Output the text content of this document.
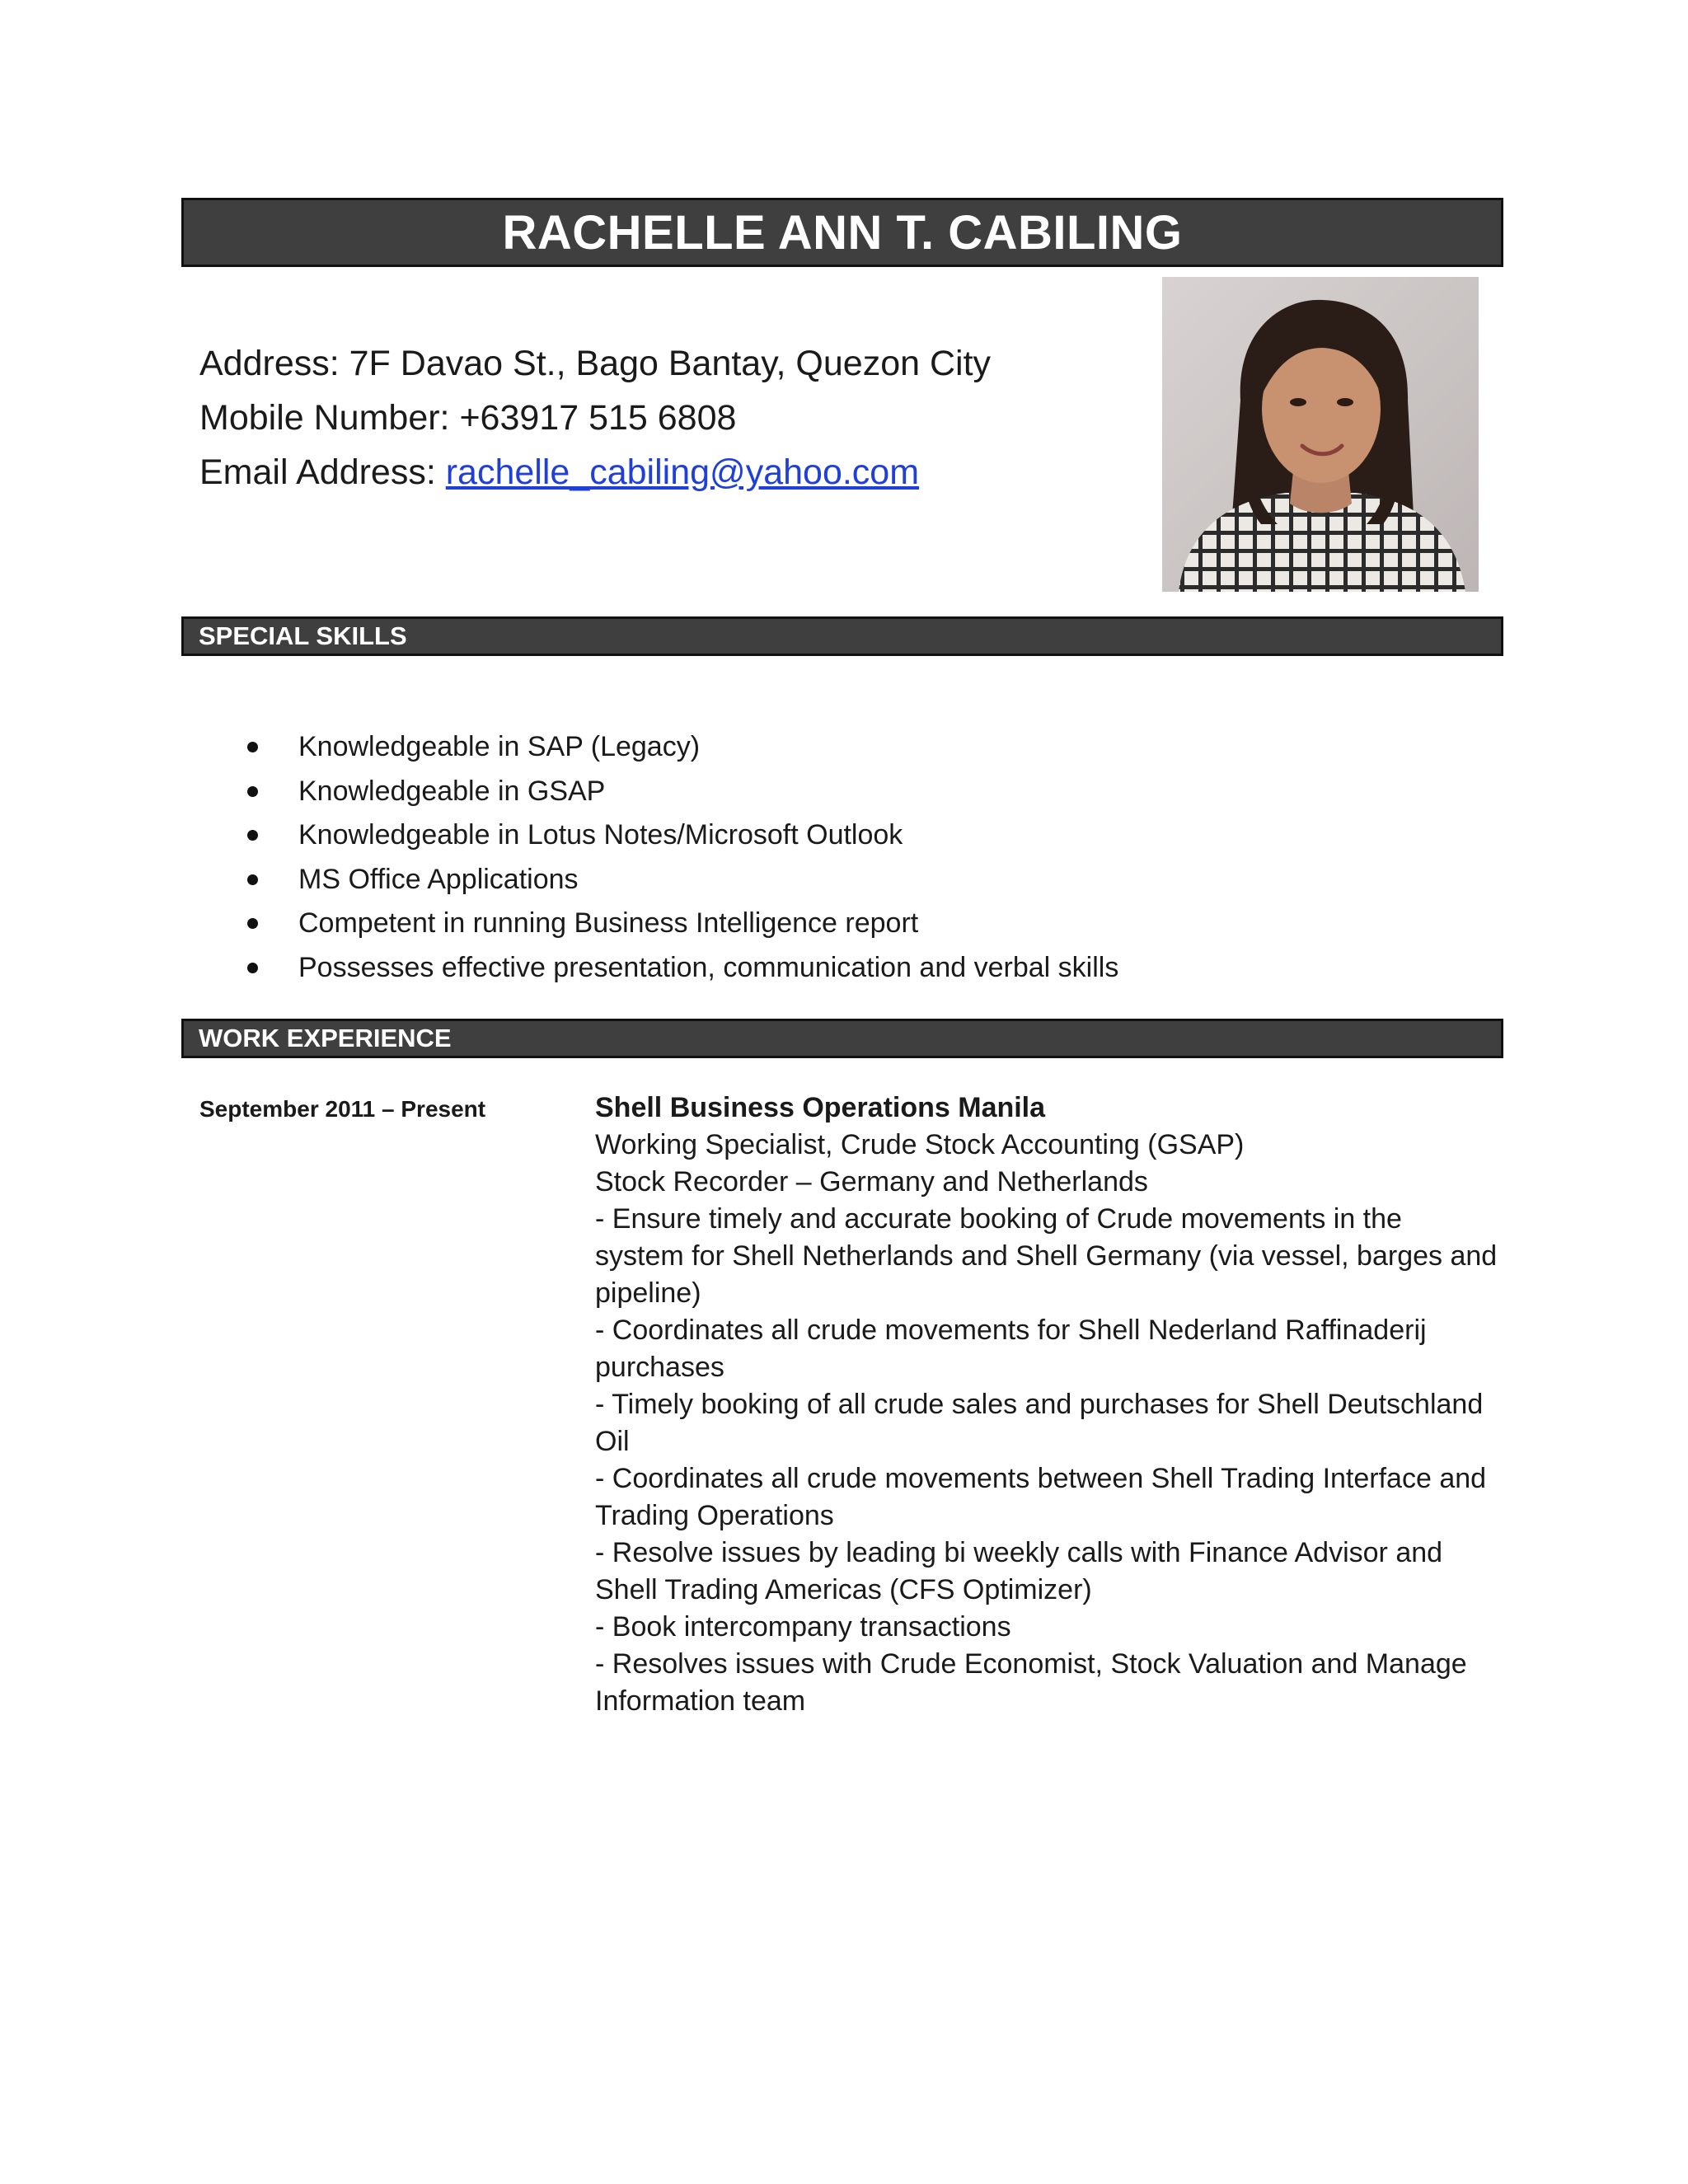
RACHELLE ANN T. CABILING
Address: 7F Davao St., Bago Bantay, Quezon City
Mobile Number: +63917 515 6808
Email Address: rachelle_cabiling@yahoo.com
SPECIAL SKILLS
Knowledgeable in SAP (Legacy)
Knowledgeable in GSAP
Knowledgeable in Lotus Notes/Microsoft Outlook
MS Office Applications
Competent in running Business Intelligence report
Possesses effective presentation, communication and verbal skills
WORK EXPERIENCE
September 2011 – Present	Shell Business Operations Manila
Working Specialist, Crude Stock Accounting (GSAP)
Stock Recorder – Germany and Netherlands
- Ensure timely and accurate booking of Crude movements in the
system for Shell Netherlands and Shell Germany (via vessel, barges and
pipeline)
- Coordinates all crude movements for Shell Nederland Raffinaderij
purchases
- Timely booking of all crude sales and purchases for Shell Deutschland
Oil
- Coordinates all crude movements between Shell Trading Interface and
Trading Operations
- Resolve issues by leading bi weekly calls with Finance Advisor and
Shell Trading Americas (CFS Optimizer)
- Book intercompany transactions
- Resolves issues with Crude Economist, Stock Valuation and Manage
Information team
